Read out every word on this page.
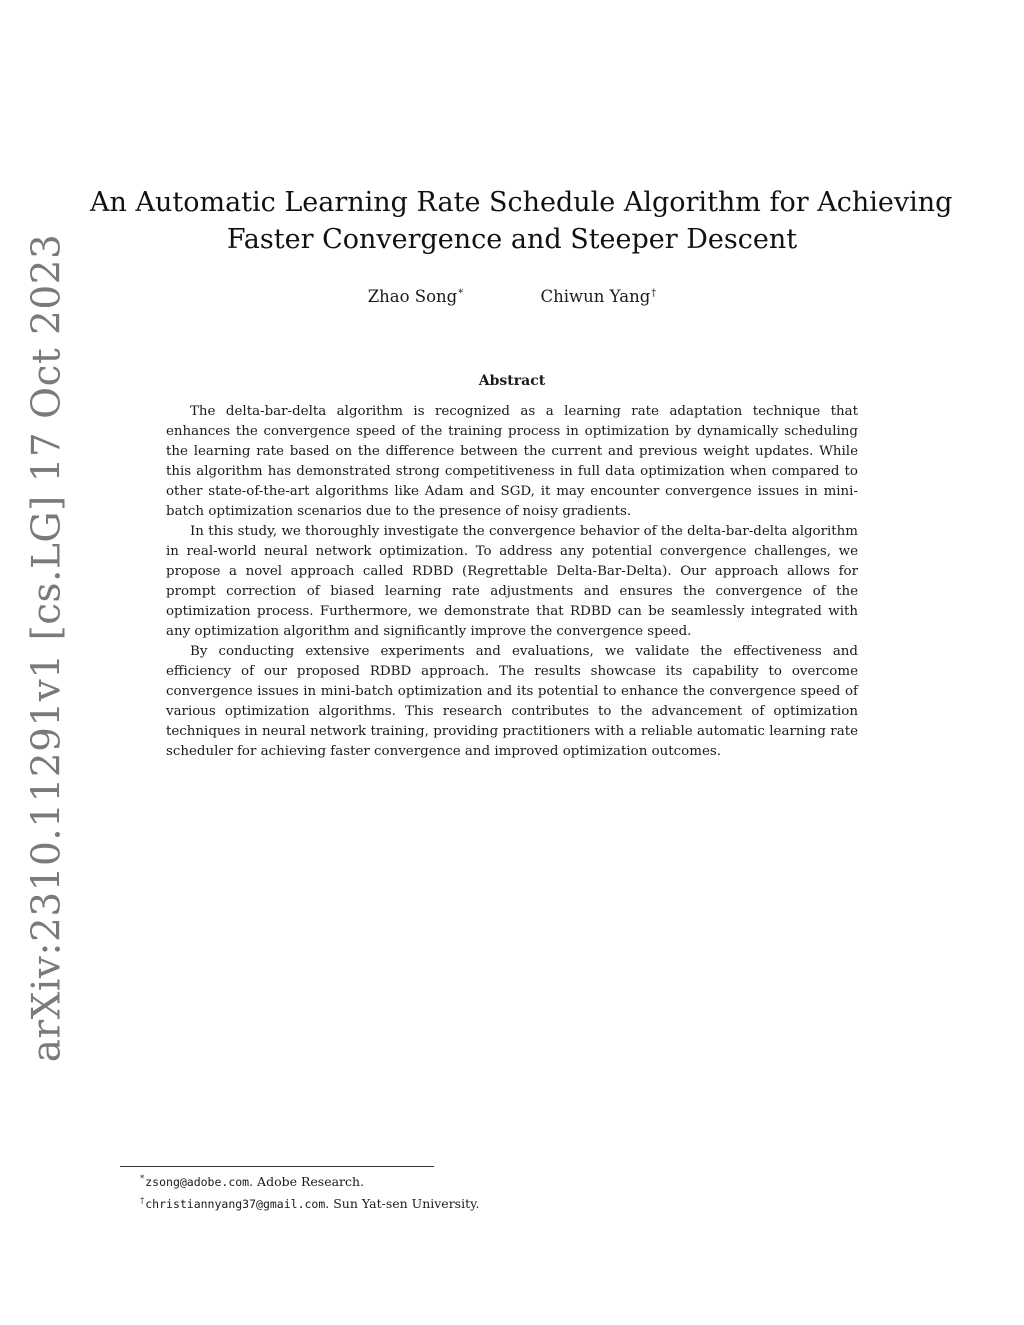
arXiv:2310.11291v1 [cs.LG] 17 Oct 2023
An Automatic Learning Rate Schedule Algorithm for Achieving
Faster Convergence and Steeper Descent
Zhao Song*	Chiwun Yang†
Abstract

The delta-bar-delta algorithm is recognized as a learning rate adaptation technique that enhances the convergence speed of the training process in optimization by dynamically scheduling the learning rate based on the difference between the current and previous weight updates. While this algorithm has demonstrated strong competitiveness in full data optimization when compared to other state-of-the-art algorithms like Adam and SGD, it may encounter convergence issues in mini-batch optimization scenarios due to the presence of noisy gradients.

In this study, we thoroughly investigate the convergence behavior of the delta-bar-delta algorithm in real-world neural network optimization. To address any potential convergence challenges, we propose a novel approach called RDBD (Regrettable Delta-Bar-Delta). Our approach allows for prompt correction of biased learning rate adjustments and ensures the convergence of the optimization process. Furthermore, we demonstrate that RDBD can be seamlessly integrated with any optimization algorithm and significantly improve the convergence speed.

By conducting extensive experiments and evaluations, we validate the effectiveness and efficiency of our proposed RDBD approach. The results showcase its capability to overcome convergence issues in mini-batch optimization and its potential to enhance the convergence speed of various optimization algorithms. This research contributes to the advancement of optimization techniques in neural network training, providing practitioners with a reliable automatic learning rate scheduler for achieving faster convergence and improved optimization outcomes.

*zsong@adobe.com. Adobe Research.
†christiannyang37@gmail.com. Sun Yat-sen University.
